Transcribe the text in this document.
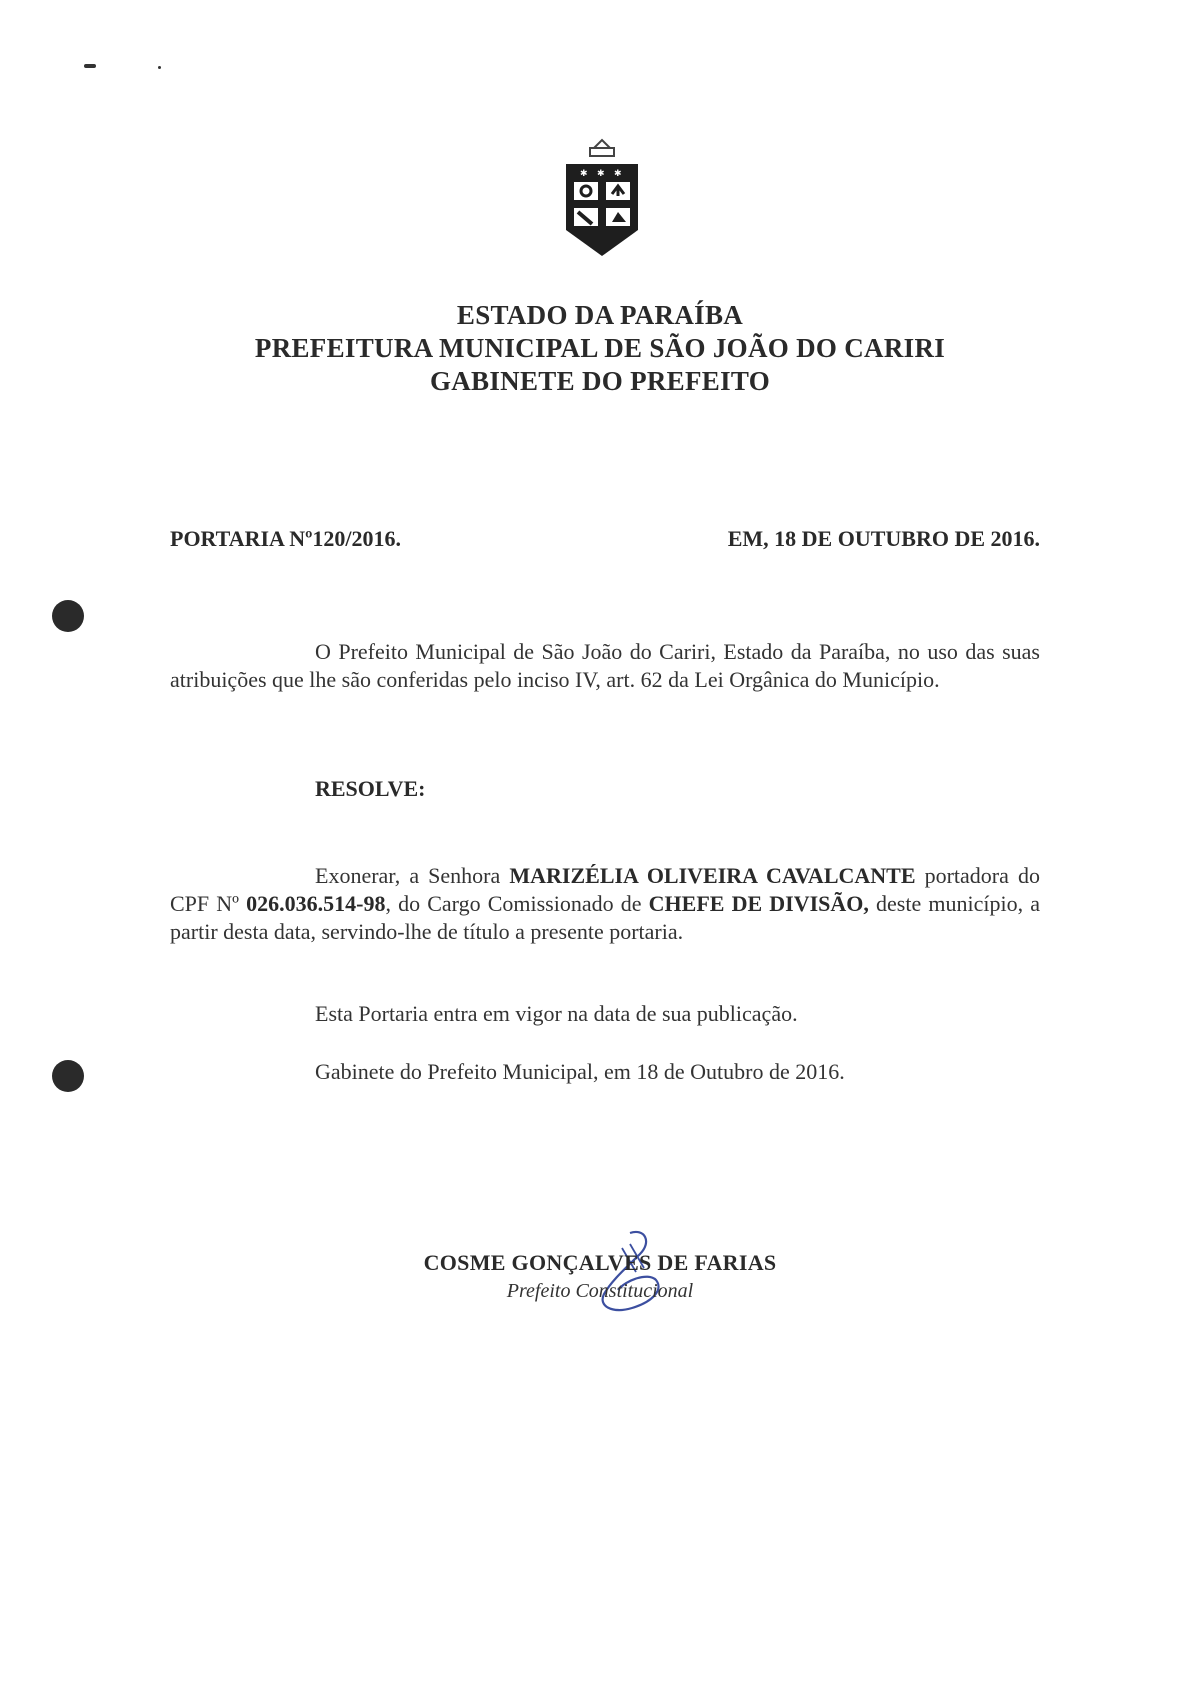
✱ ✱ ✱
ESTADO DA PARAÍBA
PREFEITURA MUNICIPAL DE SÃO JOÃO DO CARIRI
GABINETE DO PREFEITO
PORTARIA Nº120/2016.	EM, 18 DE OUTUBRO DE 2016.
O Prefeito Municipal de São João do Cariri, Estado da Paraíba, no uso das suas atribuições que lhe são conferidas pelo inciso IV, art. 62 da Lei Orgânica do Município.
RESOLVE:
Exonerar, a Senhora MARIZÉLIA OLIVEIRA CAVALCANTE portadora do CPF Nº 026.036.514-98, do Cargo Comissionado de CHEFE DE DIVISÃO, deste município, a partir desta data, servindo-lhe de título a presente portaria.
Esta Portaria entra em vigor na data de sua publicação.
Gabinete do Prefeito Municipal, em 18 de Outubro de 2016.
COSME GONÇALVES DE FARIAS
Prefeito Constitucional
